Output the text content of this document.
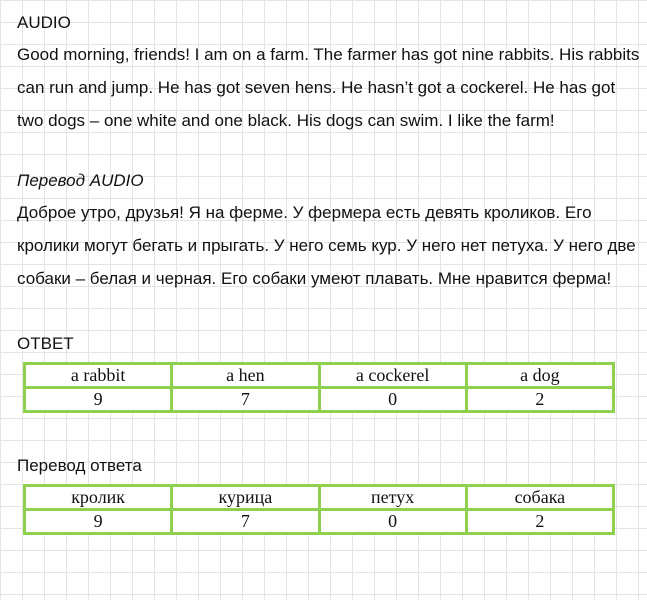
AUDIO

Good morning, friends! I am on a farm. The farmer has got nine rabbits. His rabbits can run and jump. He has got seven hens. He hasn’t got a cockerel. He has got two dogs – one white and one black. His dogs can swim. I like the farm!

Перевод AUDIO

Доброе утро, друзья! Я на ферме. У фермера есть девять кроликов. Его кролики могут бегать и прыгать. У него семь кур. У него нет петуха. У него две собаки – белая и черная. Его собаки умеют плавать. Мне нравится ферма!

ОТВЕТ

a rabbit	a hen	a cockerel	a dog
9	7	0	2

Перевод ответа

кролик	курица	петух	собака
9	7	0	2
